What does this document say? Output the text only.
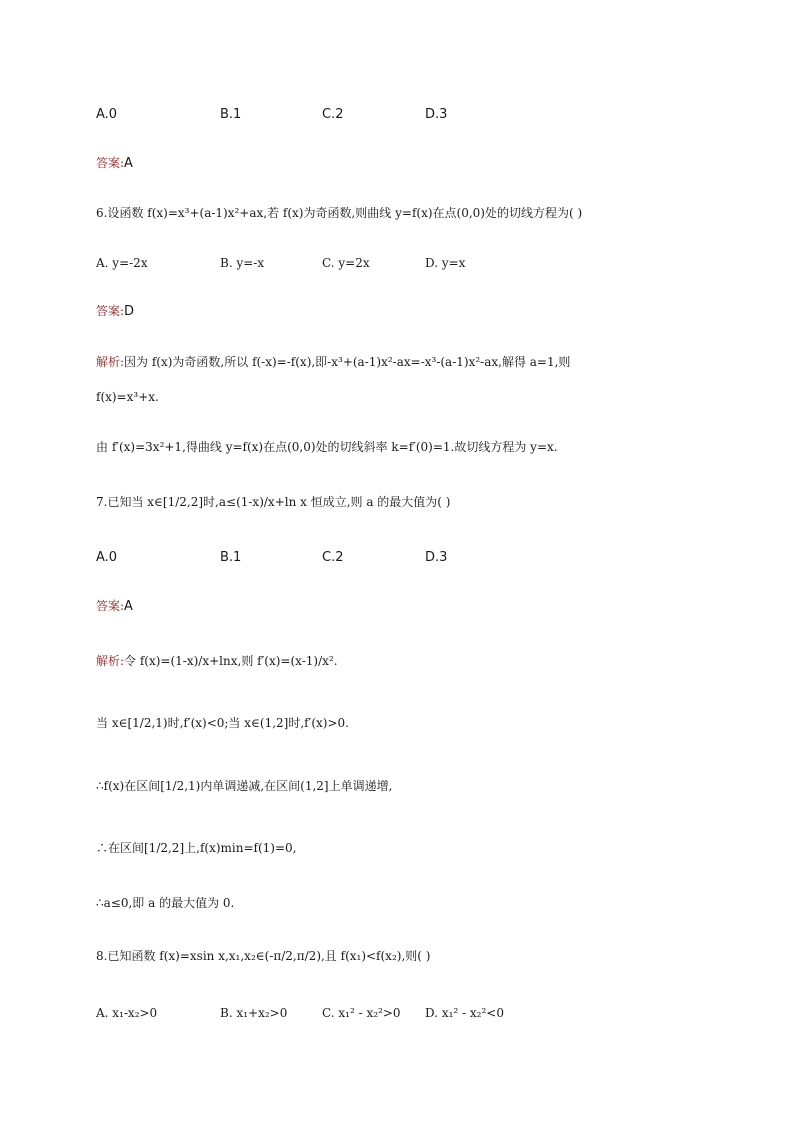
A.0	B.1	C.2	D.3
答案:A
6.设函数 f(x)=x³+(a-1)x²+ax,若 f(x)为奇函数,则曲线 y=f(x)在点(0,0)处的切线方程为( )
A. y=-2x	B. y=-x	C. y=2x	D. y=x
答案:D
解析:因为 f(x)为奇函数,所以 f(-x)=-f(x),即-x³+(a-1)x²-ax=-x³-(a-1)x²-ax,解得 a=1,则
f(x)=x³+x.
由 f′(x)=3x²+1,得曲线 y=f(x)在点(0,0)处的切线斜率 k=f′(0)=1.故切线方程为 y=x.
7.已知当 x∈[1/2,2]时,a≤(1-x)/x+ln x 恒成立,则 a 的最大值为( )
A.0	B.1	C.2	D.3
答案:A
解析:令 f(x)=(1-x)/x+lnx,则 f′(x)=(x-1)/x².
当 x∈[1/2,1)时,f′(x)<0;当 x∈(1,2]时,f′(x)>0.
∴f(x)在区间[1/2,1)内单调递减,在区间(1,2]上单调递增,
∴在区间[1/2,2]上,f(x)min=f(1)=0,
∴a≤0,即 a 的最大值为 0.
8.已知函数 f(x)=xsin x,x₁,x₂∈(-π/2,π/2),且 f(x₁)<f(x₂),则( )
A. x₁-x₂>0	B. x₁+x₂>0	C. x₁² - x₂²>0 D. x₁² - x₂²<0
